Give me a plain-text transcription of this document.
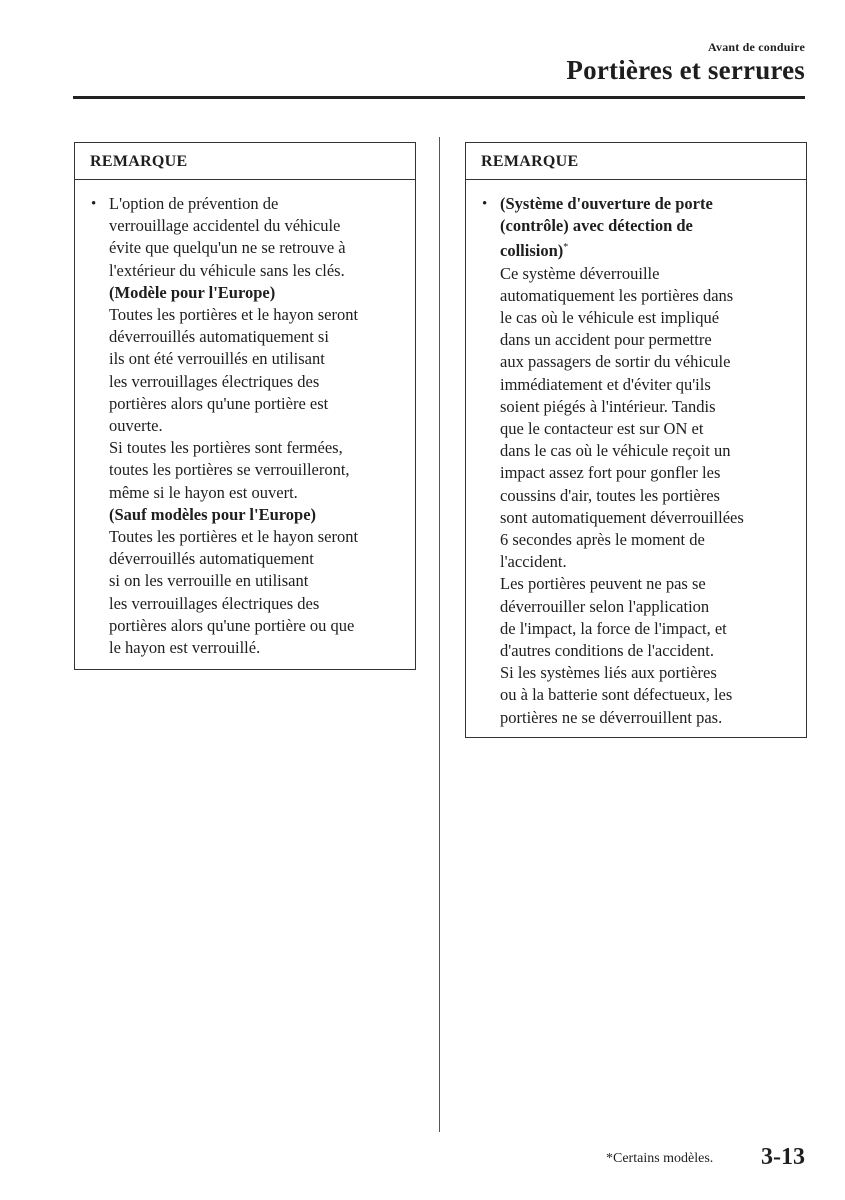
Avant de conduire
Portières et serrures
REMARQUE
• L'option de prévention de
verrouillage accidentel du véhicule
évite que quelqu'un ne se retrouve à
l'extérieur du véhicule sans les clés.
(Modèle pour l'Europe)
Toutes les portières et le hayon seront
déverrouillés automatiquement si
ils ont été verrouillés en utilisant
les verrouillages électriques des
portières alors qu'une portière est
ouverte.
Si toutes les portières sont fermées,
toutes les portières se verrouilleront,
même si le hayon est ouvert.
(Sauf modèles pour l'Europe)
Toutes les portières et le hayon seront
déverrouillés automatiquement
si on les verrouille en utilisant
les verrouillages électriques des
portières alors qu'une portière ou que
le hayon est verrouillé.
REMARQUE
• (Système d'ouverture de porte
(contrôle) avec détection de
collision)*
Ce système déverrouille
automatiquement les portières dans
le cas où le véhicule est impliqué
dans un accident pour permettre
aux passagers de sortir du véhicule
immédiatement et d'éviter qu'ils
soient piégés à l'intérieur. Tandis
que le contacteur est sur ON et
dans le cas où le véhicule reçoit un
impact assez fort pour gonfler les
coussins d'air, toutes les portières
sont automatiquement déverrouillées
6 secondes après le moment de
l'accident.
Les portières peuvent ne pas se
déverrouiller selon l'application
de l'impact, la force de l'impact, et
d'autres conditions de l'accident.
Si les systèmes liés aux portières
ou à la batterie sont défectueux, les
portières ne se déverrouillent pas.
*Certains modèles. 3-13
